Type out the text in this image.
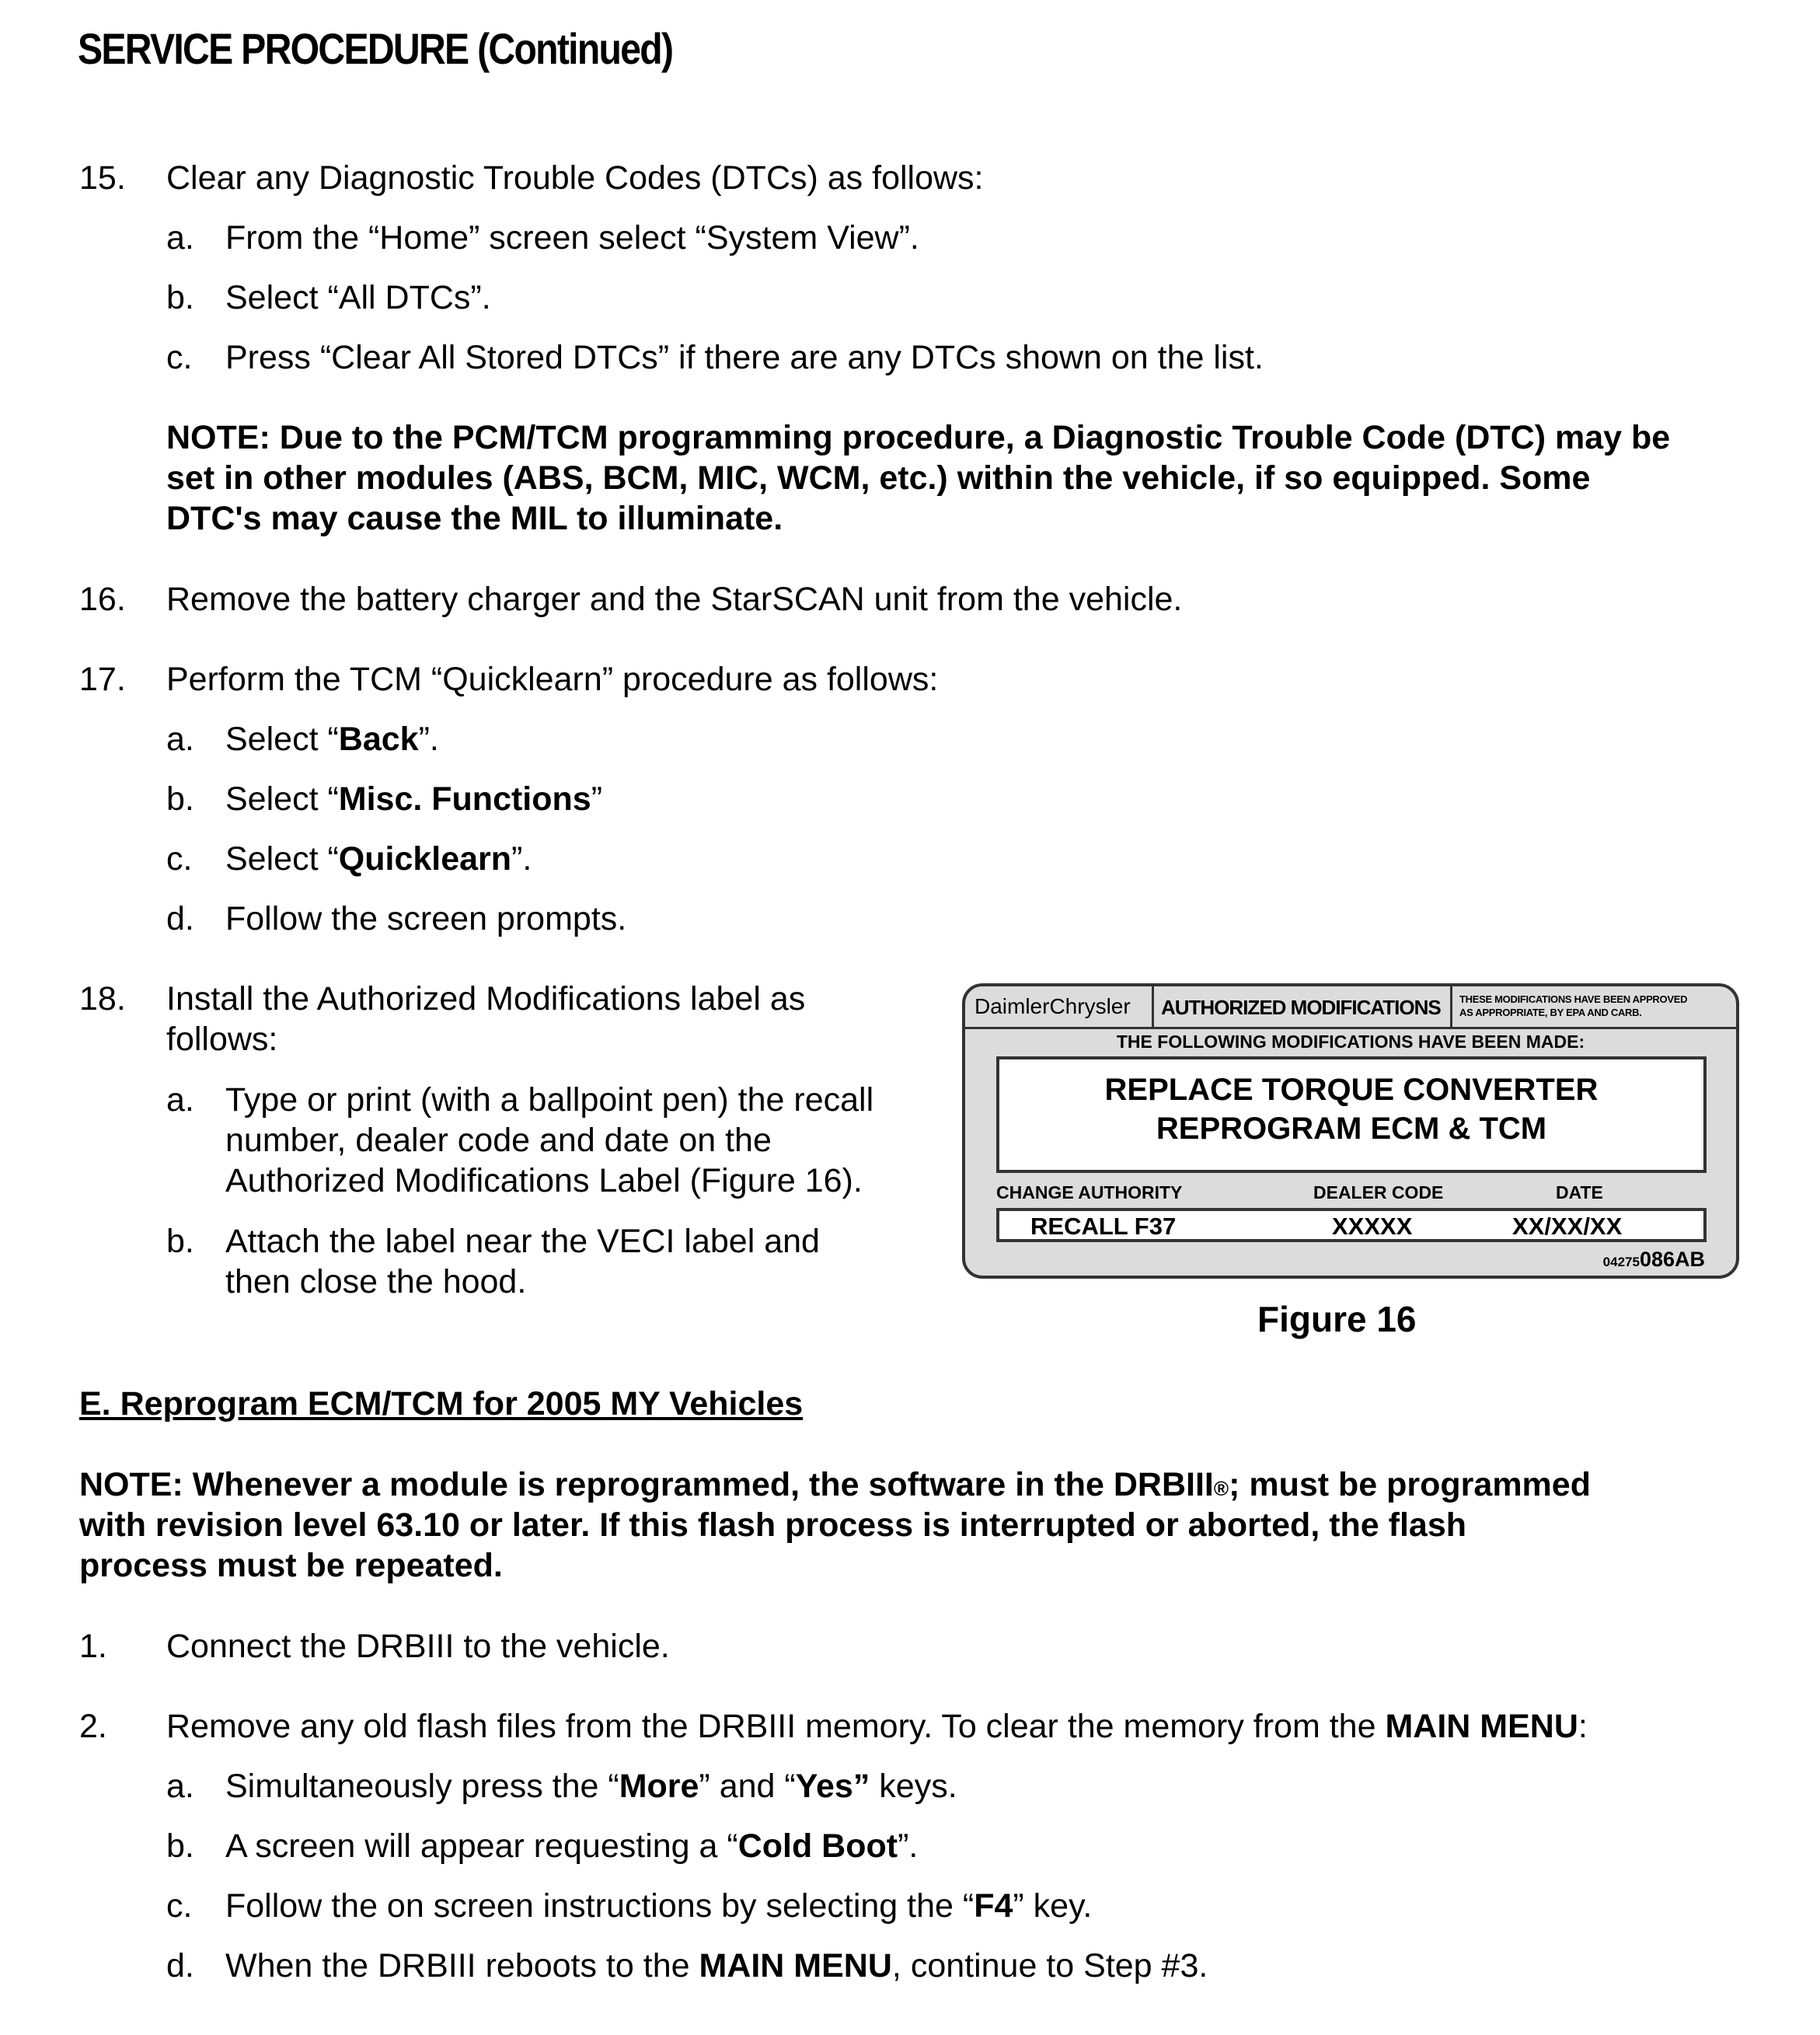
SERVICE PROCEDURE (Continued)
15. Clear any Diagnostic Trouble Codes (DTCs) as follows:
a. From the “Home” screen select “System View”.
b. Select “All DTCs”.
c. Press “Clear All Stored DTCs” if there are any DTCs shown on the list.
NOTE: Due to the PCM/TCM programming procedure, a Diagnostic Trouble Code (DTC) may be
set in other modules (ABS, BCM, MIC, WCM, etc.) within the vehicle, if so equipped. Some
DTC's may cause the MIL to illuminate.
16. Remove the battery charger and the StarSCAN unit from the vehicle.
17. Perform the TCM “Quicklearn” procedure as follows:
a. Select “Back”.
b. Select “Misc. Functions”
c. Select “Quicklearn”.
d. Follow the screen prompts.
18. Install the Authorized Modifications label as
follows:
a. Type or print (with a ballpoint pen) the recall
number, dealer code and date on the
Authorized Modifications Label (Figure 16).
b. Attach the label near the VECI label and
then close the hood.
DaimlerChrysler AUTHORIZED MODIFICATIONS THESE MODIFICATIONS HAVE BEEN APPROVED
AS APPROPRIATE, BY EPA AND CARB.
THE FOLLOWING MODIFICATIONS HAVE BEEN MADE:
REPLACE TORQUE CONVERTER
REPROGRAM ECM & TCM
CHANGE AUTHORITY	DEALER CODE	DATE
RECALL F37	XXXXX	XX/XX/XX
04275086AB
Figure 16
E. Reprogram ECM/TCM for 2005 MY Vehicles
NOTE: Whenever a module is reprogrammed, the software in the DRBIII®; must be programmed
with revision level 63.10 or later. If this flash process is interrupted or aborted, the flash
process must be repeated.
1. Connect the DRBIII to the vehicle.
2. Remove any old flash files from the DRBIII memory. To clear the memory from the MAIN MENU:
a. Simultaneously press the “More” and “Yes” keys.
b. A screen will appear requesting a “Cold Boot”.
c. Follow the on screen instructions by selecting the “F4” key.
d. When the DRBIII reboots to the MAIN MENU, continue to Step #3.
